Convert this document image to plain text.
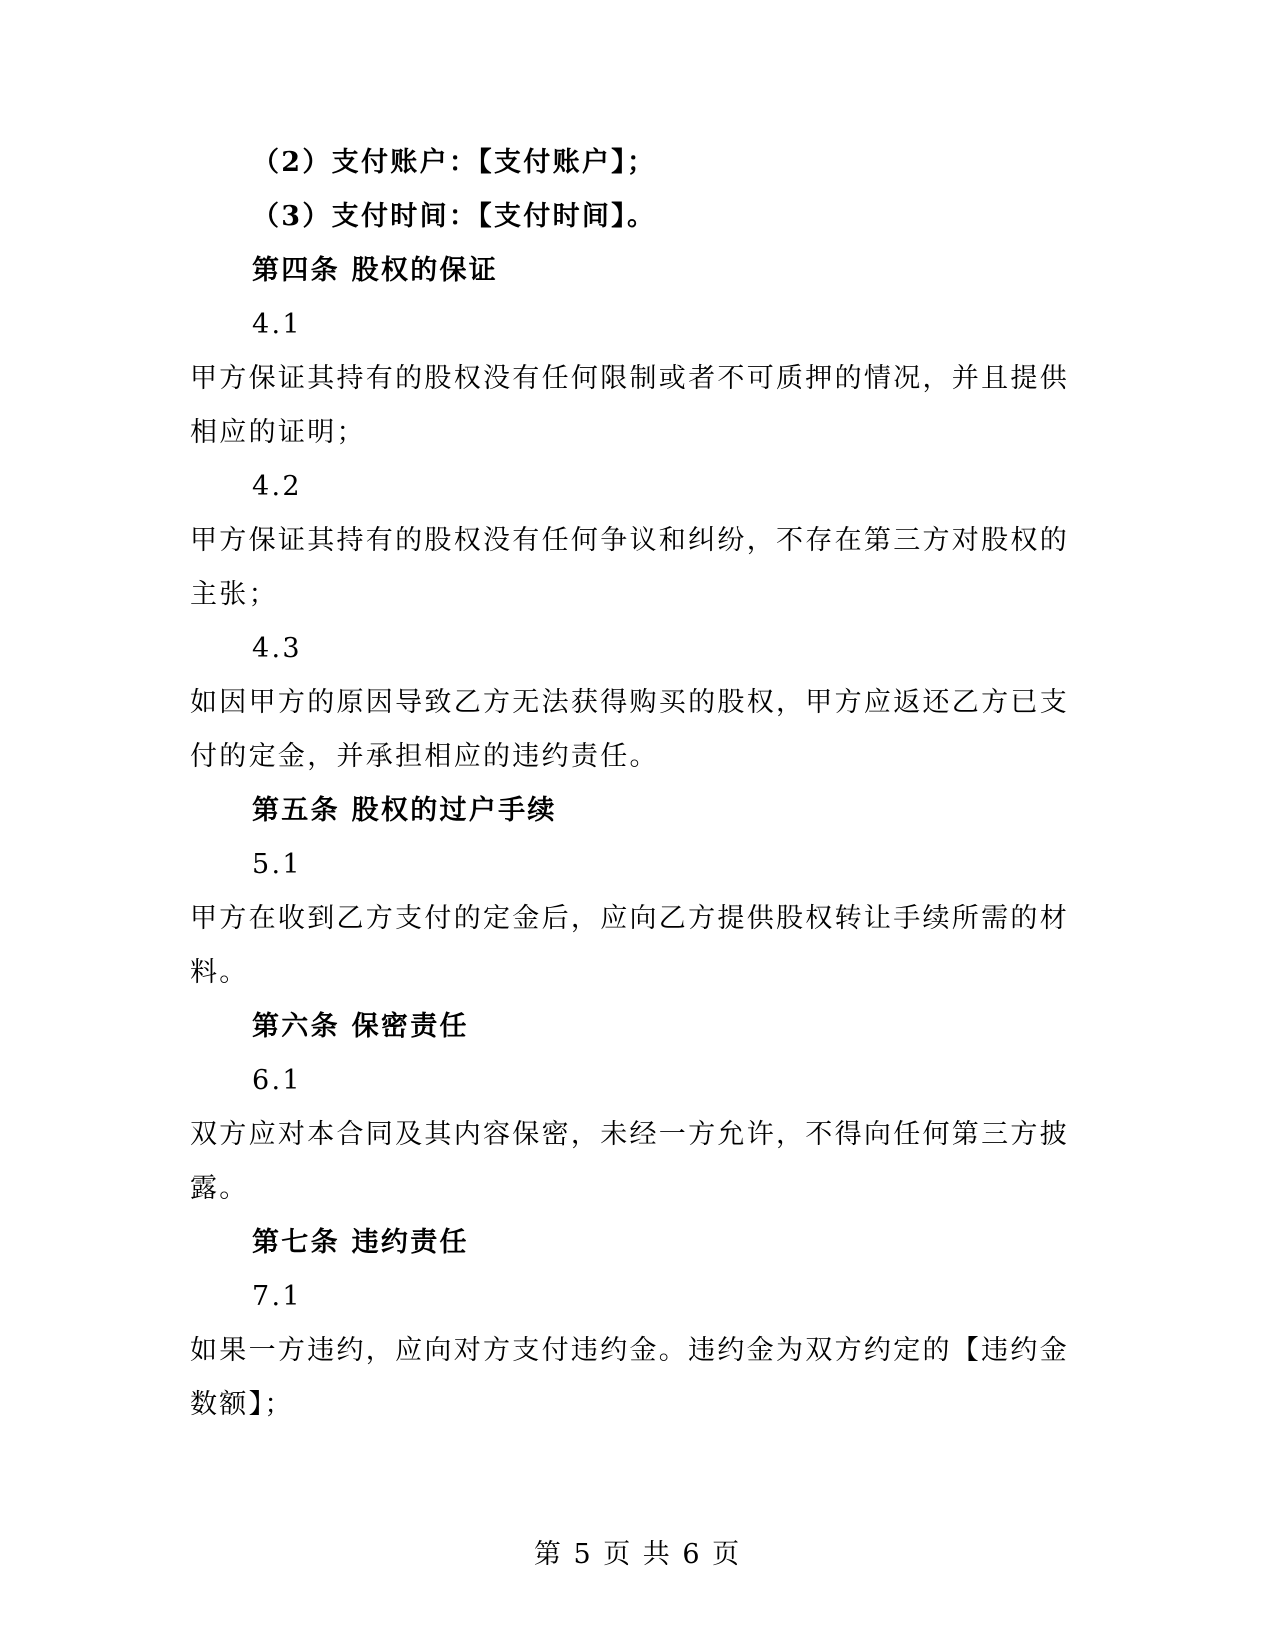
（2）支付账户：【支付账户】；
（3）支付时间：【支付时间】。
第四条 股权的保证
4.1
甲方保证其持有的股权没有任何限制或者不可质押的情况，并且提供
相应的证明；
4.2
甲方保证其持有的股权没有任何争议和纠纷，不存在第三方对股权的
主张；
4.3
如因甲方的原因导致乙方无法获得购买的股权，甲方应返还乙方已支
付的定金，并承担相应的违约责任。
第五条 股权的过户手续
5.1
甲方在收到乙方支付的定金后，应向乙方提供股权转让手续所需的材
料。
第六条 保密责任
6.1
双方应对本合同及其内容保密，未经一方允许，不得向任何第三方披
露。
第七条 违约责任
7.1
如果一方违约，应向对方支付违约金。违约金为双方约定的【违约金
数额】；
第 5 页 共 6 页
